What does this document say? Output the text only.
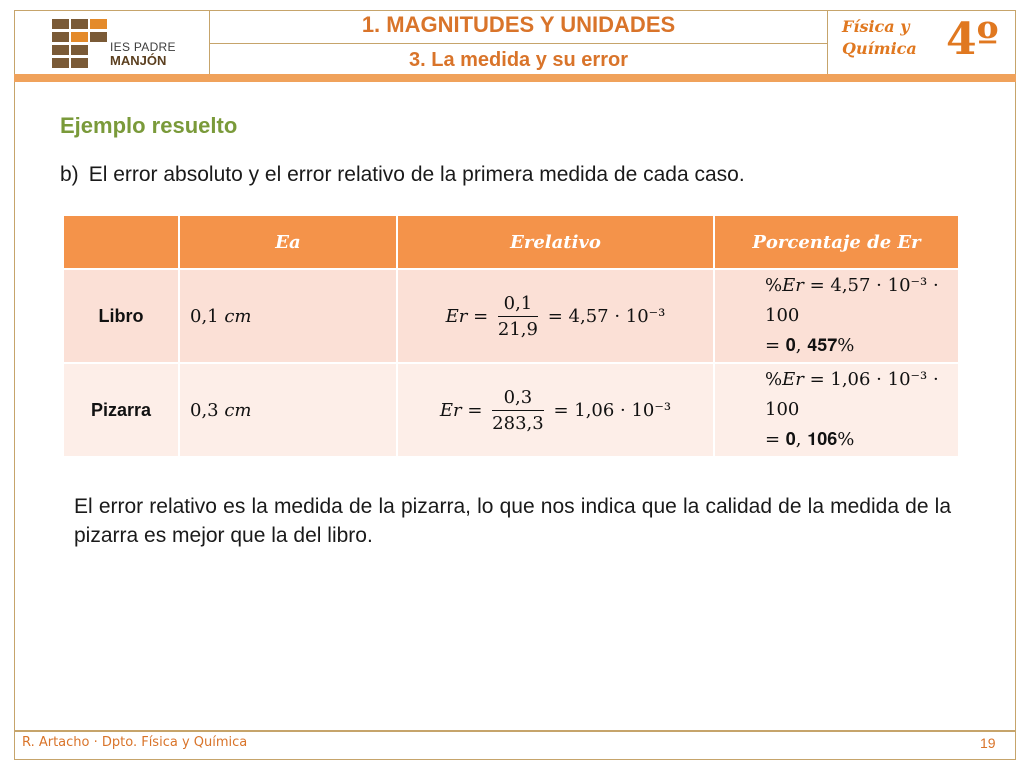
IES PADRE
MANJÓN
1. MAGNITUDES Y UNIDADES
3. La medida y su error
Física y
Química 4º
Ejemplo resuelto
b) El error absoluto y el error relativo de la primera medida de cada caso.
	𝑬𝒂	𝑬𝒓𝒆𝒍𝒂𝒕𝒊𝒗𝒐	𝑷𝒐𝒓𝒄𝒆𝒏𝒕𝒂𝒋𝒆 𝒅𝒆 𝑬𝒓
Libro	0,1 𝑐𝑚	𝐸𝑟 = $\frac{0,1}{21,9} = 4,57 \cdot 10^{-3}$	%𝐸𝑟 = 4,57 · 10⁻³ · 100
= 𝟎, 𝟒𝟓𝟕%

Pizarra	0,3 𝑐𝑚	𝐸𝑟 = $\frac{0,3}{283,3} = 1,06 \cdot 10^{-3}$	%𝐸𝑟 = 1,06 · 10⁻³ · 100
= 𝟎, 𝟏𝟎𝟔%
El error relativo es la medida de la pizarra, lo que nos indica que la calidad de la medida de la pizarra es mejor que la del libro.
R. Artacho · Dpto. Física y Química	19
